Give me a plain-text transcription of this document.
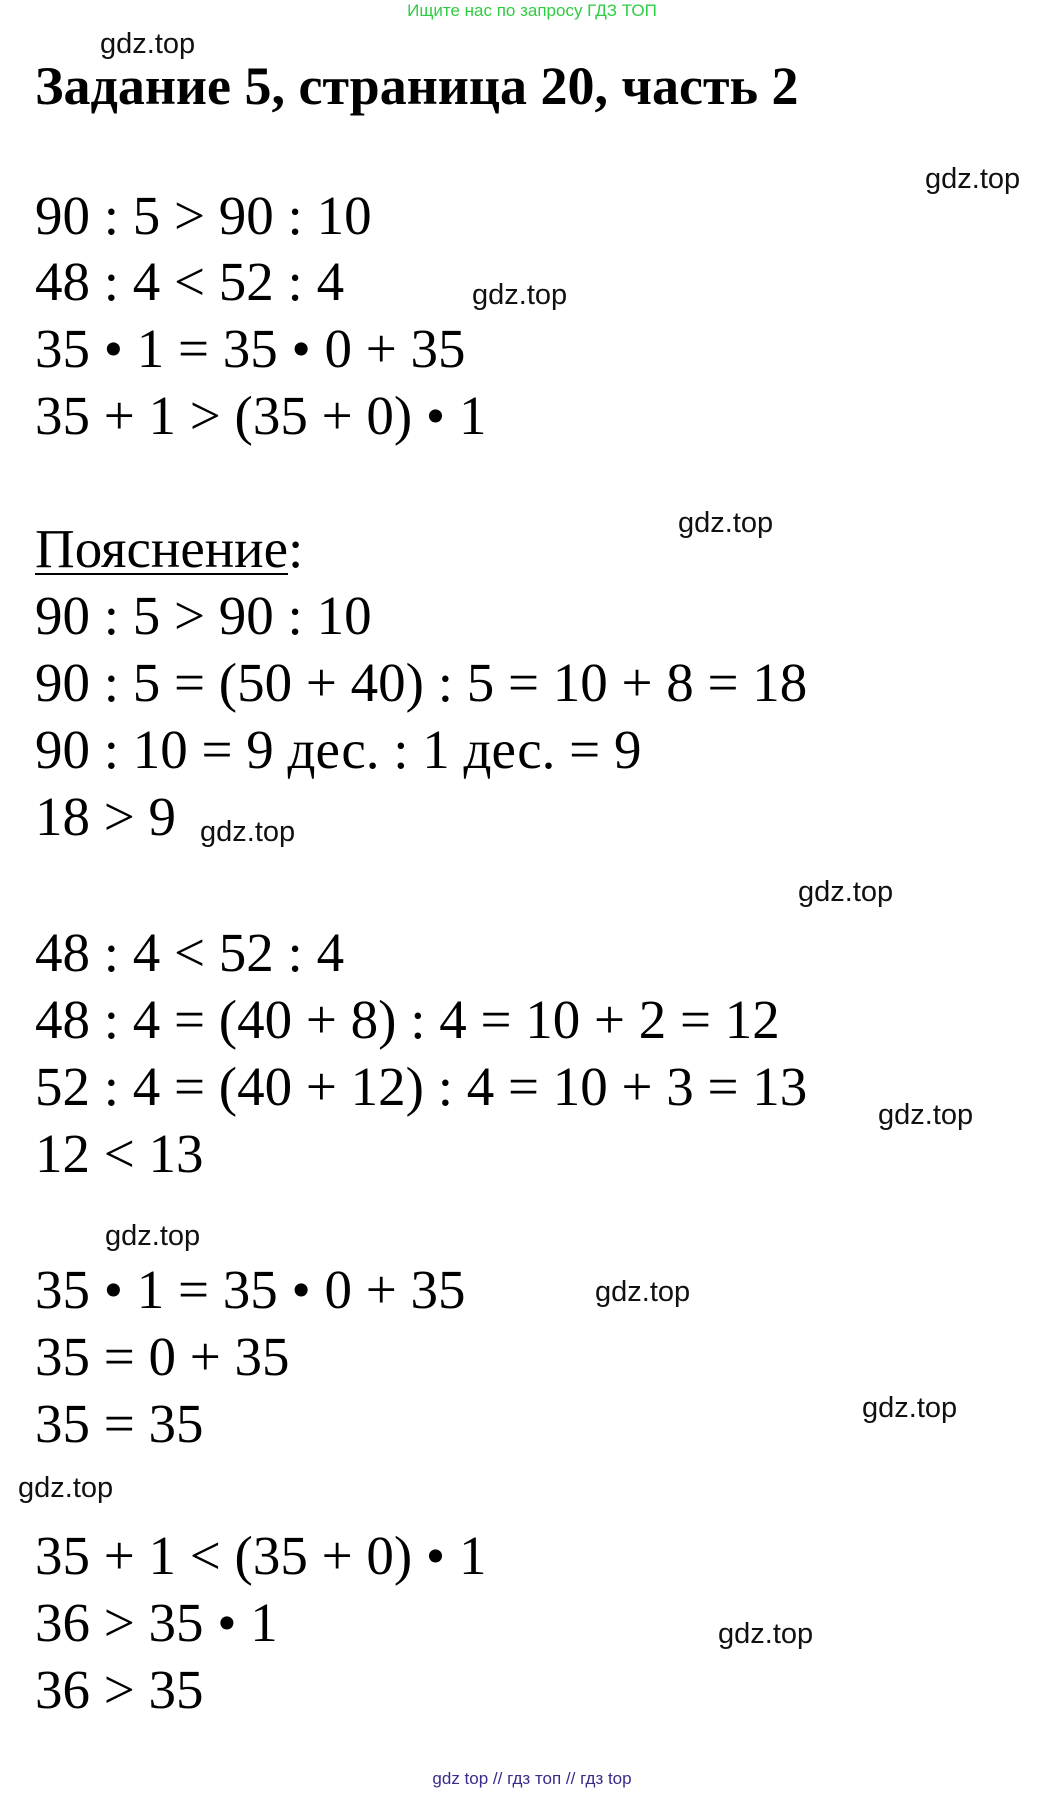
Ищите нас по запросу ГДЗ ТОП
gdz.top
Задание 5, страница 20, часть 2
gdz.top
90 : 5 > 90 : 10
48 : 4 < 52 : 4	gdz.top
35 • 1 = 35 • 0 + 35
35 + 1 > (35 + 0) • 1
gdz.top
Пояснение:
90 : 5 > 90 : 10
90 : 5 = (50 + 40) : 5 = 10 + 8 = 18
90 : 10 = 9 дес. : 1 дес. = 9
18 > 9 gdz.top
gdz.top
48 : 4 < 52 : 4
48 : 4 = (40 + 8) : 4 = 10 + 2 = 12
52 : 4 = (40 + 12) : 4 = 10 + 3 = 13 gdz.top
12 < 13
gdz.top
35 • 1 = 35 • 0 + 35	gdz.top
35 = 0 + 35
gdz.top
35 = 35
gdz.top
35 + 1 < (35 + 0) • 1
36 > 35 • 1	gdz.top
36 > 35
gdz top // гдз топ // гдз top
